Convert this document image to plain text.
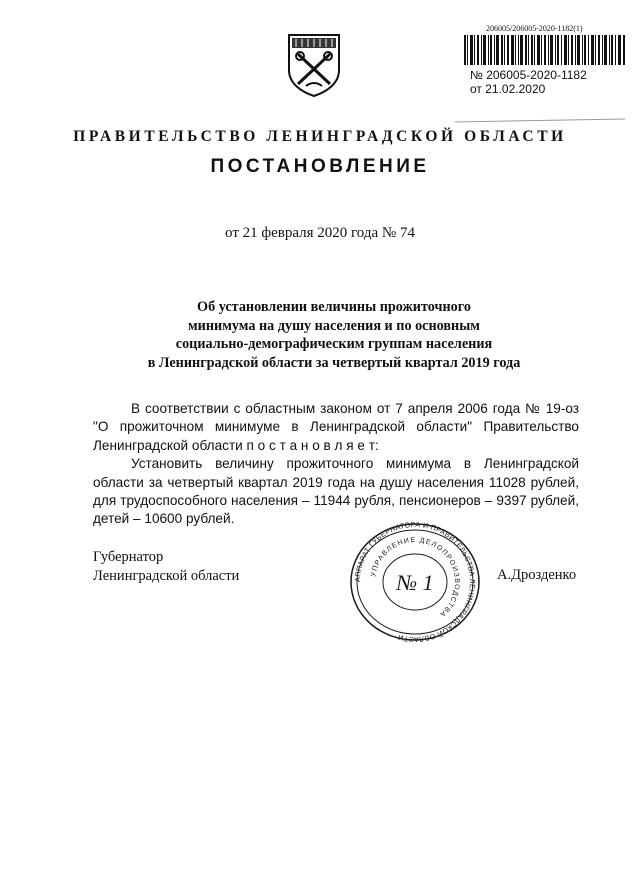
206005/206005-2020-1182(1)
№ 206005-2020-1182
от 21.02.2020
ПРАВИТЕЛЬСТВО ЛЕНИНГРАДСКОЙ ОБЛАСТИ
ПОСТАНОВЛЕНИЕ
от 21 февраля 2020 года № 74
Об установлении величины прожиточного
минимума на душу населения и по основным
социально-демографическим группам населения
в Ленинградской области за четвертый квартал 2019 года

В соответствии с областным законом от 7 апреля 2006 года № 19-оз "О прожиточном минимуме в Ленинградской области" Правительство Ленинградской области п о с т а н о в л я е т:

Установить величину прожиточного минимума в Ленинградской области за четвертый квартал 2019 года на душу населения 11028 рублей, для трудоспособного населения – 11944 рубля, пенсионеров – 9397 рублей, детей – 10600 рублей.

Губернатор
Ленинградской области	АППАРАТ ГУБЕРНАТОРА И ПРАВИТЕЛЬСТВА ЛЕНИНГРАДСКОЙ ОБЛАСТИ
УПРАВЛЕНИЕ ДЕЛОПРОИЗВОДСТВА
№ 1	А.Дрозденко
